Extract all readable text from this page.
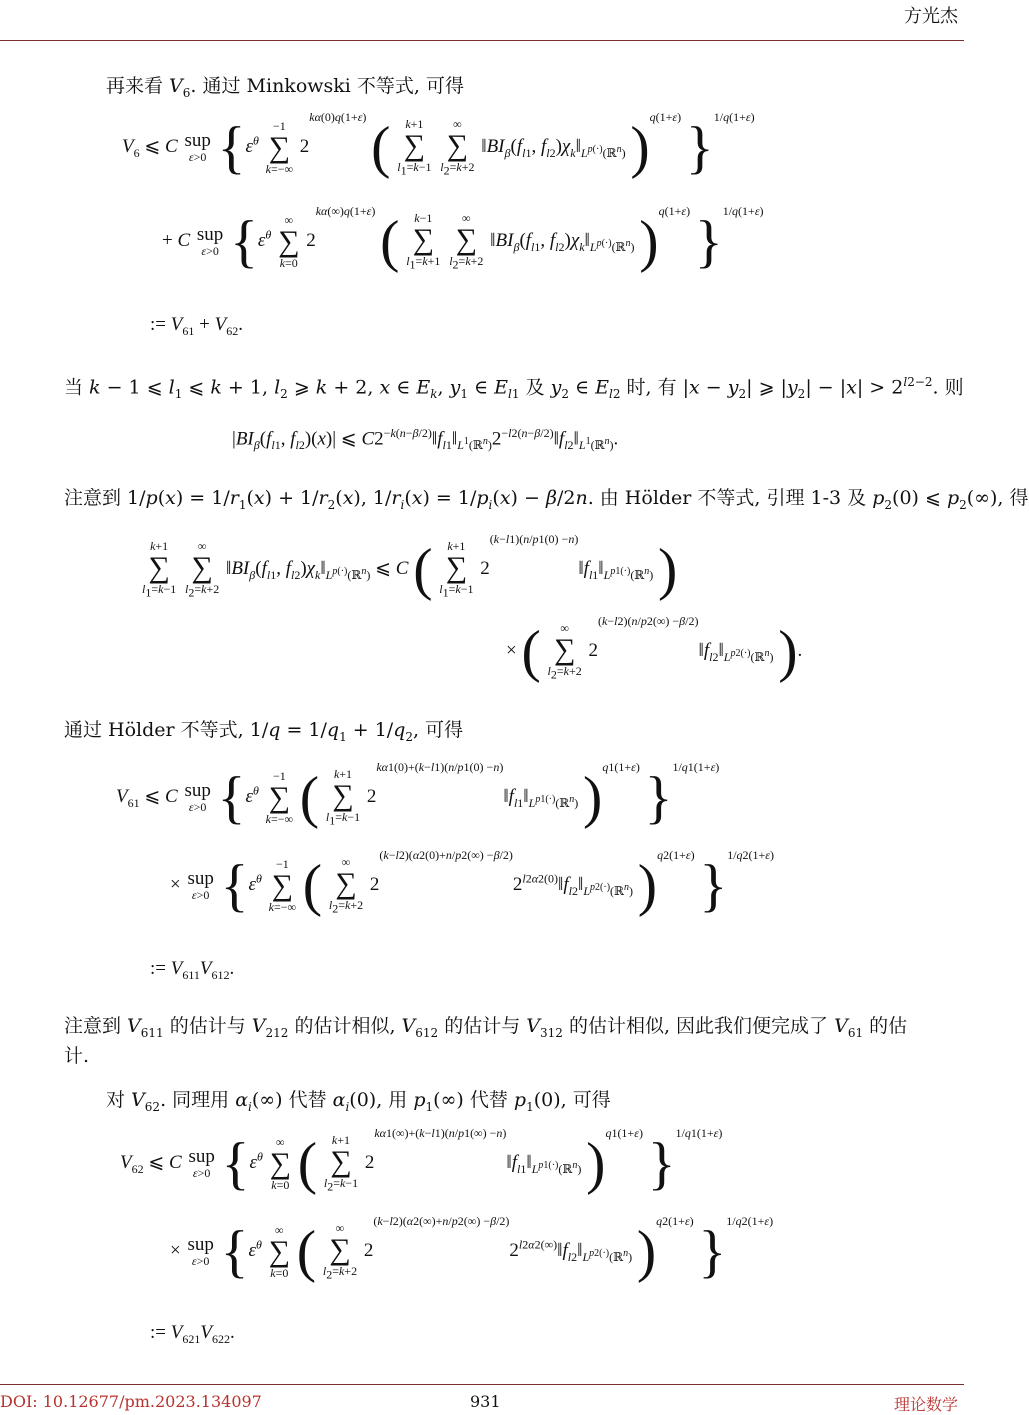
方光杰
再来看 $V_6$. 通过 Minkowski 不等式, 可得
$V_6$ ⩽ C sup
ε>0 {$\varepsilon^\theta$
−1
∑
k=−∞
$2^{k\alpha(0)q(1+\varepsilon)}$ (	k+1
∑
$l_1=k-1$

∞
∑
$l_2=k+2$
$‖BI_\beta(f_{l1}$, $f_{l2})\chi_k‖_{L^{p(\cdot)}(ℝ^n)}$ )$^{q(1+\varepsilon)}$ }$^{1/q(1+\varepsilon)}$
+ C sup
ε>0 {$\varepsilon^\theta$
∞
∑
k=0
$2^{k\alpha(\infty)q(1+\varepsilon)}$ (	k−1
∑
$l_1=k+1$

∞
∑
$l_2=k+2$
$‖BI_\beta(f_{l1}$, $f_{l2})\chi_k‖_{L^{p(\cdot)}(ℝ^n)}$ )$^{q(1+\varepsilon)}$ }$^{1/q(1+\varepsilon)}$
:= $V_{61} + V_{62}$.
当 k − 1 ⩽ $l_1$ ⩽ k + 1, $l_2$ ⩾ k + 2, x ∈ $E_k$, $y_1$ ∈ $E_{l1}$ 及 $y_2$ ∈ $E_{l2}$ 时, 有 $|x - y_2|$ ⩾ $|y_2| - |x| > 2^{l2-2}$. 则
$|BI_\beta(f_{l1}$, $f_{l2})(x)|$ ⩽ $C2^{-k(n-\beta/2)}‖f_{l1}‖_{L^1(ℝ^n)}2^{-l2(n-\beta/2)}‖f_{l2}‖_{L^1(ℝ^n)}$.
注意到 $1/p(x) = 1/r_1(x) + 1/r_2(x)$, $1/r_i(x) = 1/p_i(x) - \beta/2n$. 由 Hölder 不等式, 引理 1-3 及 $p_2(0)$ ⩽ $p_2(\infty)$, 得
k+1
∑
$l_1=k-1$

∞
∑
$l_2=k+2$
$‖BI_\beta(f_{l1}$, $f_{l2})\chi_k‖_{L^{p(\cdot)}(ℝ^n)}$ ⩽ C (	k+1
∑
$l_1=k-1$
$2^{(k-l1)(n/p1(0) -n)}‖f_{l1}‖_{L^{p1(\cdot)}(ℝ^n)}$ )
× (	∞
∑
$l_2=k+2$
$2^{(k-l2)(n/p2(\infty) -\beta/2)}‖f_{l2}‖_{L^{p2(\cdot)}(ℝ^n)}$ ).
通过 Hölder 不等式, $1/q = 1/q_1 + 1/q_2$, 可得
$V_{61}$ ⩽ C sup
ε>0 {$\varepsilon^\theta$
−1
∑
k=−∞ (	k+1
∑
$l_1=k-1$
$2^{k\alpha 1(0)+(k-l1)(n/p1(0) -n)}‖f_{l1}‖_{L^{p1(\cdot)}(ℝ^n)}$ )$^{q1(1+\varepsilon)}$ }$^{1/q1(1+\varepsilon)}$
× sup
ε>0 {$\varepsilon^\theta$
−1
∑
k=−∞ (	∞
∑
$l_2=k+2$
$2^{(k-l2)(\alpha 2(0)+n/p2(\infty) -\beta/2)}2^{l2\alpha 2(0)}‖f_{l2}‖_{L^{p2(\cdot)}(ℝ^n)}$ )$^{q2(1+\varepsilon)}$ }$^{1/q2(1+\varepsilon)}$
:= $V_{611}V_{612}$.
注意到 $V_{611}$ 的估计与 $V_{212}$ 的估计相似, $V_{612}$ 的估计与 $V_{312}$ 的估计相似, 因此我们便完成了 $V_{61}$ 的估
计.
对 $V_{62}$. 同理用 $\alpha_i(\infty)$ 代替 $\alpha_i(0)$, 用 $p_1(\infty)$ 代替 $p_1(0)$, 可得
$V_{62}$ ⩽ C sup
ε>0 {$\varepsilon^\theta$
∞
∑
k=0 (	k+1
∑
$l_2=k-1$
$2^{k\alpha 1(\infty)+(k-l1)(n/p1(\infty) -n)}‖f_{l1}‖_{L^{p1(\cdot)}(ℝ^n)}$ )$^{q1(1+\varepsilon)}$ }$^{1/q1(1+\varepsilon)}$
× sup
ε>0 {$\varepsilon^\theta$
∞
∑
k=0 (	∞
∑
$l_2=k+2$
$2^{(k-l2)(\alpha 2(\infty)+n/p2(\infty) -\beta/2)}2^{l2\alpha 2(\infty)}‖f_{l2}‖_{L^{p2(\cdot)}(ℝ^n)}$ )$^{q2(1+\varepsilon)}$ }$^{1/q2(1+\varepsilon)}$
:= $V_{621}V_{622}$.
DOI: 10.12677/pm.2023.134097	931	理论数学
